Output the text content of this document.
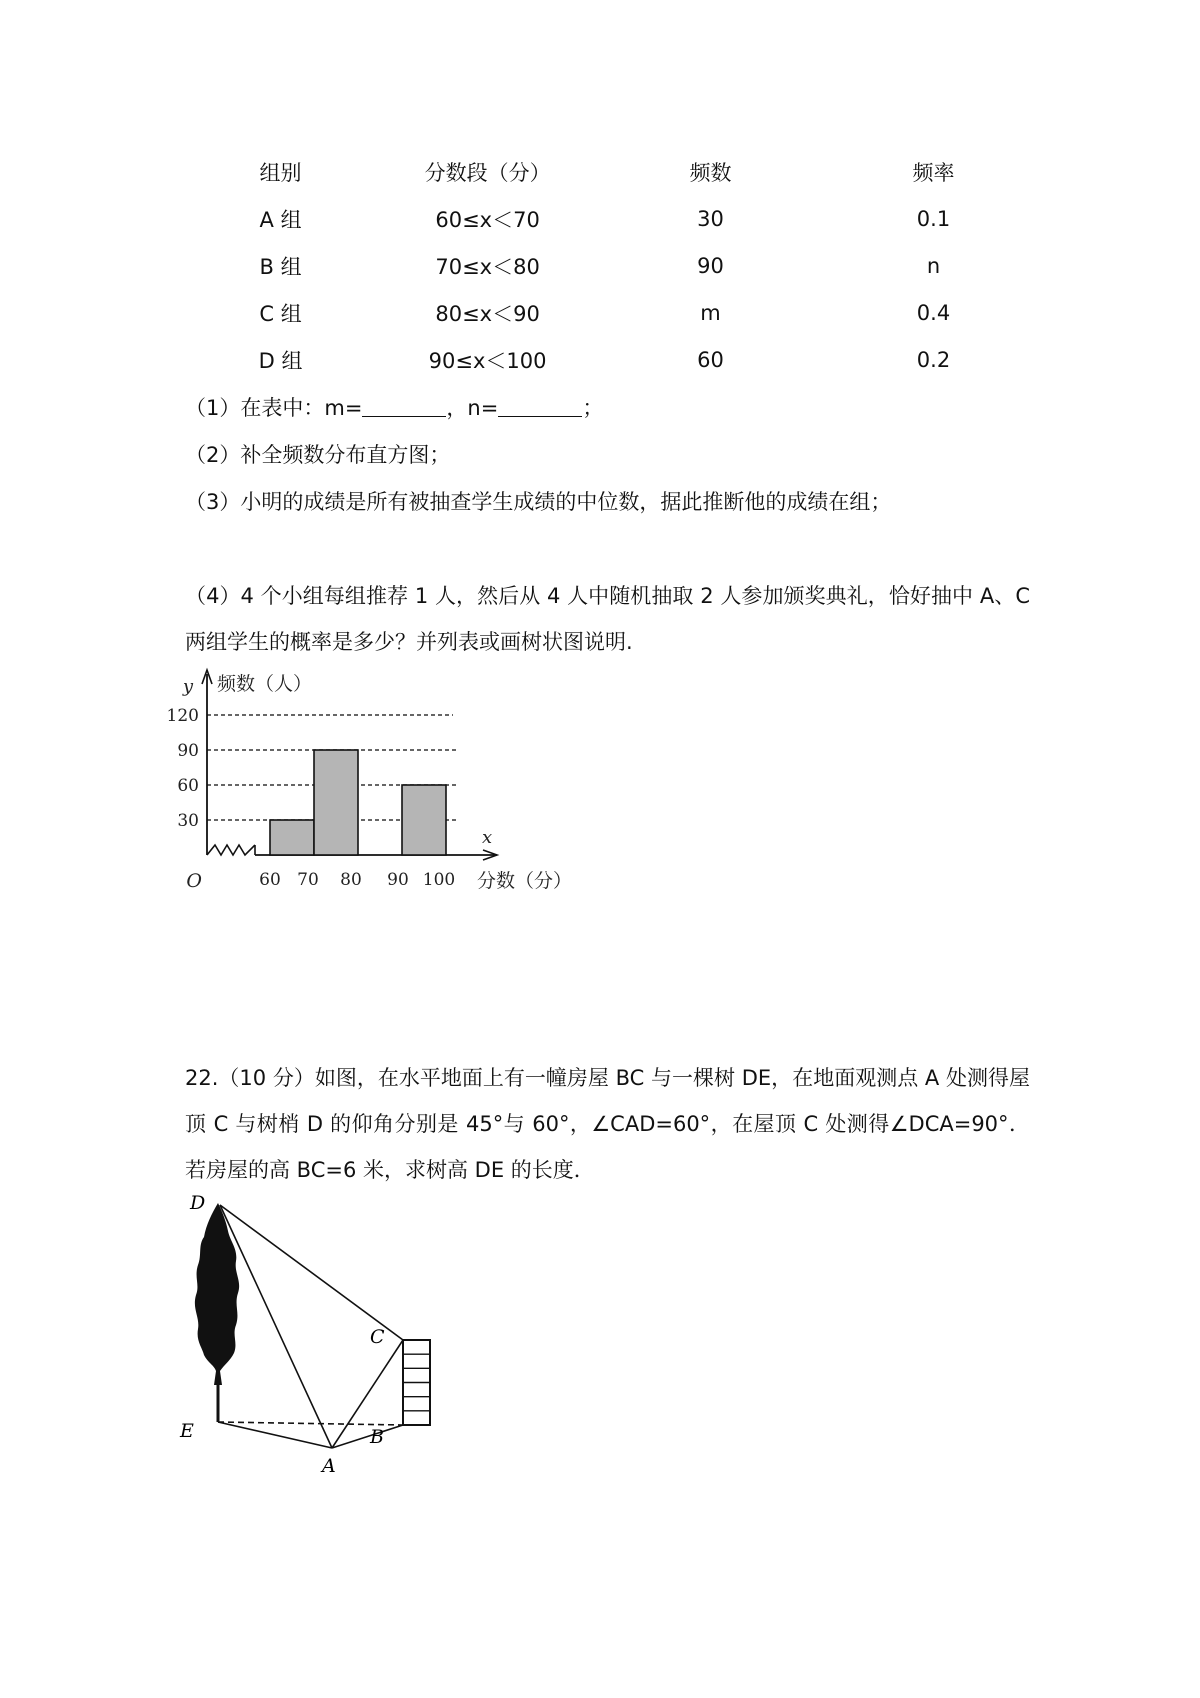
组别	分数段（分）	频数	频率
A 组	60≤x＜70	30	0.1
B 组	70≤x＜80	90	n
C 组	80≤x＜90	m	0.4
D 组	90≤x＜100	60	0.2
（1）在表中：m=	，n=	；
（2）补全频数分布直方图；
（3）小明的成绩是所有被抽查学生成绩的中位数，据此推断他的成绩在组；
（4）4 个小组每组推荐 1 人，然后从 4 人中随机抽取 2 人参加颁奖典礼，恰好抽中 A、C 两组学生的概率是多少？并列表或画树状图说明.
30
60
90
120
60 70 80 90 100
O
y 频数（人）
x
分数（分）
22.（10 分）如图，在水平地面上有一幢房屋 BC 与一棵树 DE，在地面观测点 A 处测得屋顶 C 与树梢 D 的仰角分别是 45°与 60°，∠CAD=60°，在屋顶 C 处测得∠DCA=90°．若房屋的高 BC=6 米，求树高 DE 的长度．
D
C
E	B
A
